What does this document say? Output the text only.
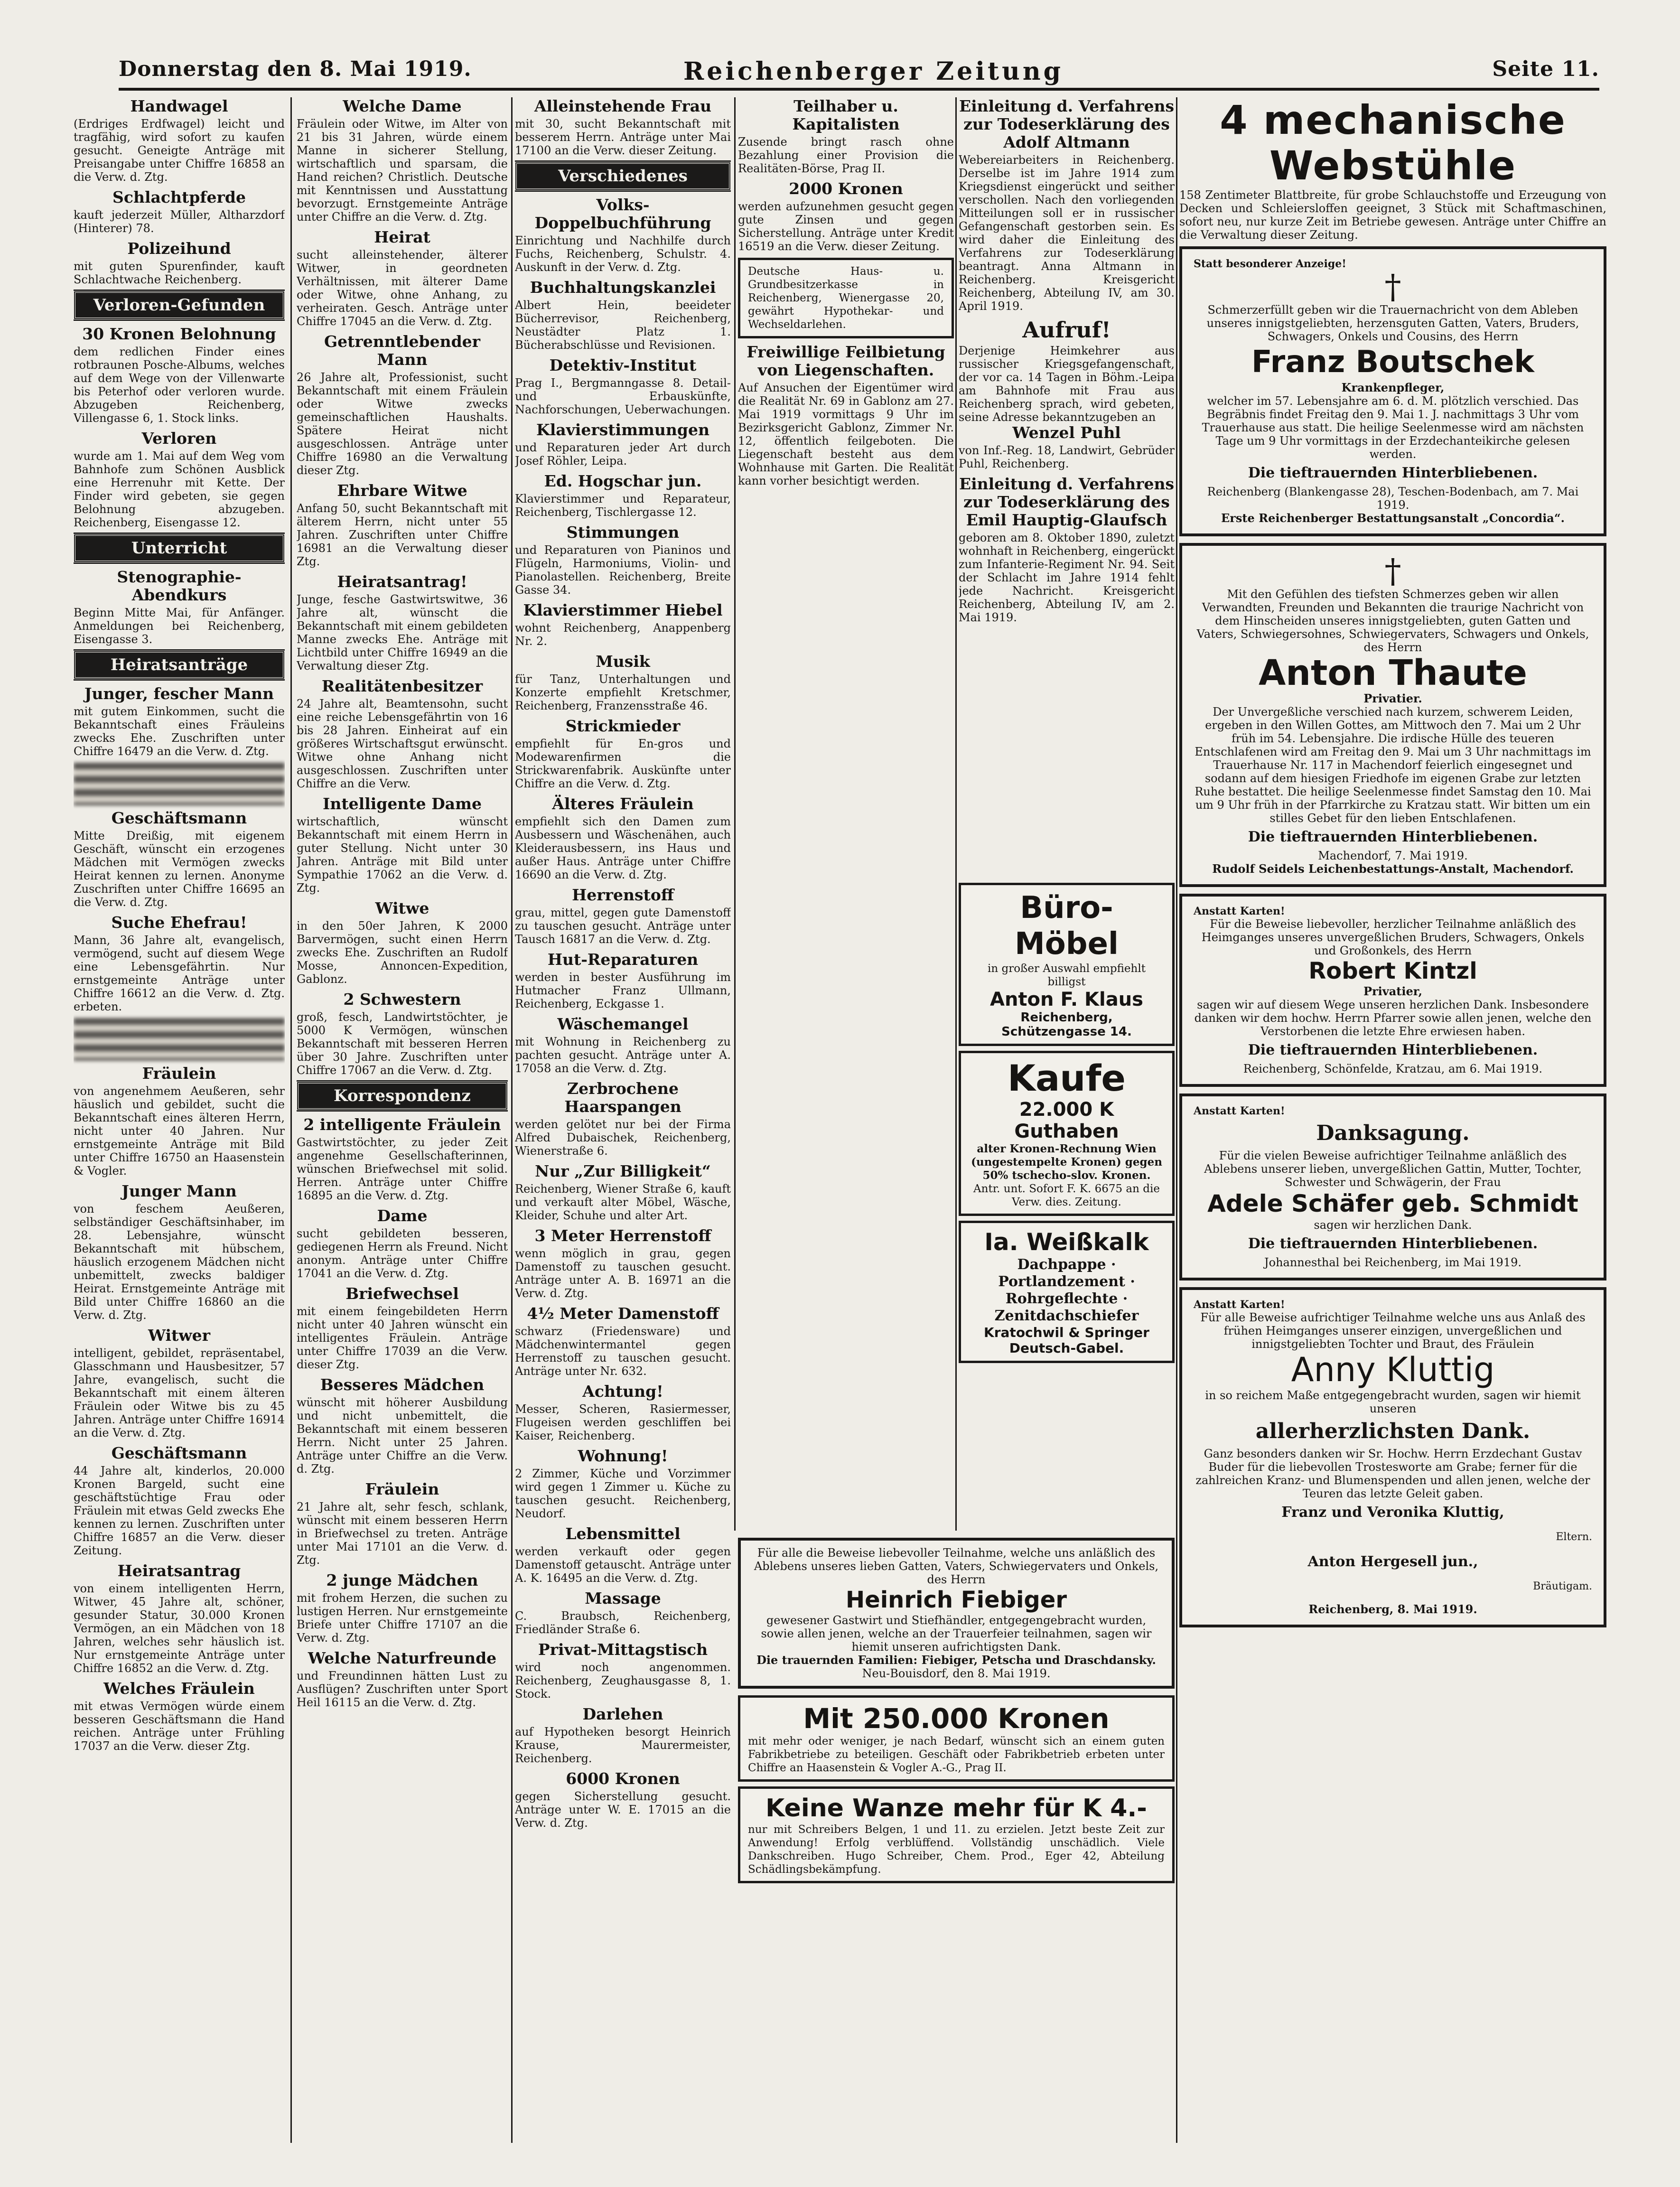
Donnerstag den 8. Mai 1919.	Reichenberger Zeitung	Seite 11.
Handwagel

(Erdriges Erdfwagel) leicht und tragfähig, wird sofort zu kaufen gesucht. Geneigte Anträge mit Preisangabe unter Chiffre 16858 an die Verw. d. Ztg.

Schlachtpferde

kauft jederzeit Müller, Altharzdorf (Hinterer) 78.

Polizeihund

mit guten Spurenfinder, kauft Schlachtwache Reichenberg.

Verloren-Gefunden
30 Kronen Belohnung

dem redlichen Finder eines rotbraunen Posche-Albums, welches auf dem Wege von der Villenwarte bis Peterhof oder verloren wurde. Abzugeben Reichenberg, Villengasse 6, 1. Stock links.

Verloren

wurde am 1. Mai auf dem Weg vom Bahnhofe zum Schönen Ausblick eine Herrenuhr mit Kette. Der Finder wird gebeten, sie gegen Belohnung abzugeben. Reichenberg, Eisengasse 12.

Unterricht
Stenographie-Abendkurs

Beginn Mitte Mai, für Anfänger. Anmeldungen bei Reichenberg, Eisengasse 3.

Heiratsanträge
Junger, fescher Mann

mit gutem Einkommen, sucht die Bekanntschaft eines Fräuleins zwecks Ehe. Zuschriften unter Chiffre 16479 an die Verw. d. Ztg.

Geschäftsmann

Mitte Dreißig, mit eigenem Geschäft, wünscht ein erzogenes Mädchen mit Vermögen zwecks Heirat kennen zu lernen. Anonyme Zuschriften unter Chiffre 16695 an die Verw. d. Ztg.

Suche Ehefrau!

Mann, 36 Jahre alt, evangelisch, vermögend, sucht auf diesem Wege eine Lebensgefährtin. Nur ernstgemeinte Anträge unter Chiffre 16612 an die Verw. d. Ztg. erbeten.

Fräulein

von angenehmem Aeußeren, sehr häuslich und gebildet, sucht die Bekanntschaft eines älteren Herrn, nicht unter 40 Jahren. Nur ernstgemeinte Anträge mit Bild unter Chiffre 16750 an Haasenstein & Vogler.

Junger Mann

von feschem Aeußeren, selbständiger Geschäftsinhaber, im 28. Lebensjahre, wünscht Bekanntschaft mit hübschem, häuslich erzogenem Mädchen nicht unbemittelt, zwecks baldiger Heirat. Ernstgemeinte Anträge mit Bild unter Chiffre 16860 an die Verw. d. Ztg.

Witwer

intelligent, gebildet, repräsentabel, Glasschmann und Hausbesitzer, 57 Jahre, evangelisch, sucht die Bekanntschaft mit einem älteren Fräulein oder Witwe bis zu 45 Jahren. Anträge unter Chiffre 16914 an die Verw. d. Ztg.

Geschäftsmann

44 Jahre alt, kinderlos, 20.000 Kronen Bargeld, sucht eine geschäftstüchtige Frau oder Fräulein mit etwas Geld zwecks Ehe kennen zu lernen. Zuschriften unter Chiffre 16857 an die Verw. dieser Zeitung.

Heiratsantrag

von einem intelligenten Herrn, Witwer, 45 Jahre alt, schöner, gesunder Statur, 30.000 Kronen Vermögen, an ein Mädchen von 18 Jahren, welches sehr häuslich ist. Nur ernstgemeinte Anträge unter Chiffre 16852 an die Verw. d. Ztg.

Welches Fräulein

mit etwas Vermögen würde einem besseren Geschäftsmann die Hand reichen. Anträge unter Frühling 17037 an die Verw. dieser Ztg.

Welche Dame

Fräulein oder Witwe, im Alter von 21 bis 31 Jahren, würde einem Manne in sicherer Stellung, wirtschaftlich und sparsam, die Hand reichen? Christlich. Deutsche mit Kenntnissen und Ausstattung bevorzugt. Ernstgemeinte Anträge unter Chiffre an die Verw. d. Ztg.

Heirat

sucht alleinstehender, älterer Witwer, in geordneten Verhältnissen, mit älterer Dame oder Witwe, ohne Anhang, zu verheiraten. Gesch. Anträge unter Chiffre 17045 an die Verw. d. Ztg.

Getrenntlebender Mann

26 Jahre alt, Professionist, sucht Bekanntschaft mit einem Fräulein oder Witwe zwecks gemeinschaftlichen Haushalts. Spätere Heirat nicht ausgeschlossen. Anträge unter Chiffre 16980 an die Verwaltung dieser Ztg.

Ehrbare Witwe

Anfang 50, sucht Bekanntschaft mit älterem Herrn, nicht unter 55 Jahren. Zuschriften unter Chiffre 16981 an die Verwaltung dieser Ztg.

Heiratsantrag!

Junge, fesche Gastwirtswitwe, 36 Jahre alt, wünscht die Bekanntschaft mit einem gebildeten Manne zwecks Ehe. Anträge mit Lichtbild unter Chiffre 16949 an die Verwaltung dieser Ztg.

Realitätenbesitzer

24 Jahre alt, Beamtensohn, sucht eine reiche Lebensgefährtin von 16 bis 28 Jahren. Einheirat auf ein größeres Wirtschaftsgut erwünscht. Witwe ohne Anhang nicht ausgeschlossen. Zuschriften unter Chiffre an die Verw.

Intelligente Dame

wirtschaftlich, wünscht Bekanntschaft mit einem Herrn in guter Stellung. Nicht unter 30 Jahren. Anträge mit Bild unter Sympathie 17062 an die Verw. d. Ztg.

Witwe

in den 50er Jahren, K 2000 Barvermögen, sucht einen Herrn zwecks Ehe. Zuschriften an Rudolf Mosse, Annoncen-Expedition, Gablonz.

2 Schwestern

groß, fesch, Landwirtstöchter, je 5000 K Vermögen, wünschen Bekanntschaft mit besseren Herren über 30 Jahre. Zuschriften unter Chiffre 17067 an die Verw. d. Ztg.

Korrespondenz
2 intelligente Fräulein

Gastwirtstöchter, zu jeder Zeit angenehme Gesellschafterinnen, wünschen Briefwechsel mit solid. Herren. Anträge unter Chiffre 16895 an die Verw. d. Ztg.

Dame

sucht gebildeten besseren, gediegenen Herrn als Freund. Nicht anonym. Anträge unter Chiffre 17041 an die Verw. d. Ztg.

Briefwechsel

mit einem feingebildeten Herrn nicht unter 40 Jahren wünscht ein intelligentes Fräulein. Anträge unter Chiffre 17039 an die Verw. dieser Ztg.

Besseres Mädchen

wünscht mit höherer Ausbildung und nicht unbemittelt, die Bekanntschaft mit einem besseren Herrn. Nicht unter 25 Jahren. Anträge unter Chiffre an die Verw. d. Ztg.

Fräulein

21 Jahre alt, sehr fesch, schlank, wünscht mit einem besseren Herrn in Briefwechsel zu treten. Anträge unter Mai 17101 an die Verw. d. Ztg.

2 junge Mädchen

mit frohem Herzen, die suchen zu lustigen Herren. Nur ernstgemeinte Briefe unter Chiffre 17107 an die Verw. d. Ztg.

Welche Naturfreunde

und Freundinnen hätten Lust zu Ausflügen? Zuschriften unter Sport Heil 16115 an die Verw. d. Ztg.

Alleinstehende Frau

mit 30, sucht Bekanntschaft mit besserem Herrn. Anträge unter Mai 17100 an die Verw. dieser Zeitung.

Verschiedenes
Volks-Doppelbuchführung

Einrichtung und Nachhilfe durch Fuchs, Reichenberg, Schulstr. 4. Auskunft in der Verw. d. Ztg.

Buchhaltungskanzlei

Albert Hein, beeideter Bücherrevisor, Reichenberg, Neustädter Platz 1. Bücherabschlüsse und Revisionen.

Detektiv-Institut

Prag I., Bergmanngasse 8. Detail- und Erbauskünfte, Nachforschungen, Ueberwachungen.

Klavierstimmungen

und Reparaturen jeder Art durch Josef Röhler, Leipa.

Ed. Hogschar jun.

Klavierstimmer und Reparateur, Reichenberg, Tischlergasse 12.

Stimmungen

und Reparaturen von Pianinos und Flügeln, Harmoniums, Violin- und Pianolastellen. Reichenberg, Breite Gasse 34.

Klavierstimmer Hiebel

wohnt Reichenberg, Anappenberg Nr. 2.

Musik

für Tanz, Unterhaltungen und Konzerte empfiehlt Kretschmer, Reichenberg, Franzensstraße 46.

Strickmieder

empfiehlt für En-gros und Modewarenfirmen die Strickwarenfabrik. Auskünfte unter Chiffre an die Verw. d. Ztg.

Älteres Fräulein

empfiehlt sich den Damen zum Ausbessern und Wäschenähen, auch Kleiderausbessern, ins Haus und außer Haus. Anträge unter Chiffre 16690 an die Verw. d. Ztg.

Herrenstoff

grau, mittel, gegen gute Damenstoff zu tauschen gesucht. Anträge unter Tausch 16817 an die Verw. d. Ztg.

Hut-Reparaturen

werden in bester Ausführung im Hutmacher Franz Ullmann, Reichenberg, Eckgasse 1.

Wäschemangel

mit Wohnung in Reichenberg zu pachten gesucht. Anträge unter A. 17058 an die Verw. d. Ztg.

Zerbrochene Haarspangen

werden gelötet nur bei der Firma Alfred Dubaischek, Reichenberg, Wienerstraße 6.

Nur „Zur Billigkeit“

Reichenberg, Wiener Straße 6, kauft und verkauft alter Möbel, Wäsche, Kleider, Schuhe und alter Art.

3 Meter Herrenstoff

wenn möglich in grau, gegen Damenstoff zu tauschen gesucht. Anträge unter A. B. 16971 an die Verw. d. Ztg.

4½ Meter Damenstoff

schwarz (Friedensware) und Mädchenwintermantel gegen Herrenstoff zu tauschen gesucht. Anträge unter Nr. 632.

Achtung!

Messer, Scheren, Rasiermesser, Flugeisen werden geschliffen bei Kaiser, Reichenberg.

Wohnung!

2 Zimmer, Küche und Vorzimmer wird gegen 1 Zimmer u. Küche zu tauschen gesucht. Reichenberg, Neudorf.

Lebensmittel

werden verkauft oder gegen Damenstoff getauscht. Anträge unter A. K. 16495 an die Verw. d. Ztg.

Massage

C. Braubsch, Reichenberg, Friedländer Straße 6.

Privat-Mittagstisch

wird noch angenommen. Reichenberg, Zeughausgasse 8, 1. Stock.

Darlehen

auf Hypotheken besorgt Heinrich Krause, Maurermeister, Reichenberg.

6000 Kronen

gegen Sicherstellung gesucht. Anträge unter W. E. 17015 an die Verw. d. Ztg.

Teilhaber u. Kapitalisten

Zusende bringt rasch ohne Bezahlung einer Provision die Realitäten-Börse, Prag II.

2000 Kronen

werden aufzunehmen gesucht gegen gute Zinsen und gegen Sicherstellung. Anträge unter Kredit 16519 an die Verw. dieser Zeitung.

Deutsche Haus- u. Grundbesitzerkasse in Reichenberg, Wienergasse 20, gewährt Hypothekar- und Wechseldarlehen.

Freiwillige Feilbietung von Liegenschaften.

Auf Ansuchen der Eigentümer wird die Realität Nr. 69 in Gablonz am 27. Mai 1919 vormittags 9 Uhr im Bezirksgericht Gablonz, Zimmer Nr. 12, öffentlich feilgeboten. Die Liegenschaft besteht aus dem Wohnhause mit Garten. Die Realität kann vorher besichtigt werden.

Einleitung d. Verfahrens zur Todeserklärung des Adolf Altmann

Webereiarbeiters in Reichenberg. Derselbe ist im Jahre 1914 zum Kriegsdienst eingerückt und seither verschollen. Nach den vorliegenden Mitteilungen soll er in russischer Gefangenschaft gestorben sein. Es wird daher die Einleitung des Verfahrens zur Todeserklärung beantragt. Anna Altmann in Reichenberg. Kreisgericht Reichenberg, Abteilung IV, am 30. April 1919.

Aufruf!

Derjenige Heimkehrer aus russischer Kriegsgefangenschaft, der vor ca. 14 Tagen in Böhm.-Leipa am Bahnhofe mit Frau aus Reichenberg sprach, wird gebeten, seine Adresse bekanntzugeben an

Wenzel Puhl

von Inf.-Reg. 18, Landwirt, Gebrüder Puhl, Reichenberg.

Einleitung d. Verfahrens zur Todeserklärung des Emil Hauptig-Glaufsch

geboren am 8. Oktober 1890, zuletzt wohnhaft in Reichenberg, eingerückt zum Infanterie-Regiment Nr. 94. Seit der Schlacht im Jahre 1914 fehlt jede Nachricht. Kreisgericht Reichenberg, Abteilung IV, am 2. Mai 1919.

Büro-Möbel

in großer Auswahl empfiehlt billigst

Anton F. Klaus
Reichenberg, Schützengasse 14.
Kaufe
22.000 K Guthaben

alter Kronen-Rechnung Wien (ungestempelte Kronen) gegen 50% tschecho-slov. Kronen.

Antr. unt. Sofort F. K. 6675 an die Verw. dies. Zeitung.

Ia. Weißkalk

Dachpappe · Portlandzement · Rohrgeflechte · Zenitdachschiefer

Kratochwil & Springer Deutsch-Gabel.

Für alle die Beweise liebevoller Teilnahme, welche uns anläßlich des Ablebens unseres lieben Gatten, Vaters, Schwiegervaters und Onkels, des Herrn

Heinrich Fiebiger

gewesener Gastwirt und Stiefhändler, entgegengebracht wurden, sowie allen jenen, welche an der Trauerfeier teilnahmen, sagen wir hiemit unseren aufrichtigsten Dank.

Die trauernden Familien: Fiebiger, Petscha und Draschdansky.

Neu-Bouisdorf, den 8. Mai 1919.

Mit 250.000 Kronen

mit mehr oder weniger, je nach Bedarf, wünscht sich an einem guten Fabrikbetriebe zu beteiligen. Geschäft oder Fabrikbetrieb erbeten unter Chiffre an Haasenstein & Vogler A.-G., Prag II.

Keine Wanze mehr für K 4.-

nur mit Schreibers Belgen, 1 und 11. zu erzielen. Jetzt beste Zeit zur Anwendung! Erfolg verblüffend. Vollständig unschädlich. Viele Dankschreiben. Hugo Schreiber, Chem. Prod., Eger 42, Abteilung Schädlingsbekämpfung.

4 mechanische Webstühle

158 Zentimeter Blattbreite, für grobe Schlauchstoffe und Erzeugung von Decken und Schleiersloffen geeignet, 3 Stück mit Schaftmaschinen, sofort neu, nur kurze Zeit im Betriebe gewesen. Anträge unter Chiffre an die Verwaltung dieser Zeitung.

Statt besonderer Anzeige!
†

Schmerzerfüllt geben wir die Trauernachricht von dem Ableben unseres innigstgeliebten, herzensguten Gatten, Vaters, Bruders, Schwagers, Onkels und Cousins, des Herrn

Franz Boutschek

Krankenpfleger,

welcher im 57. Lebensjahre am 6. d. M. plötzlich verschied. Das Begräbnis findet Freitag den 9. Mai 1. J. nachmittags 3 Uhr vom Trauerhause aus statt. Die heilige Seelenmesse wird am nächsten Tage um 9 Uhr vormittags in der Erzdechanteikirche gelesen werden.

Die tieftrauernden Hinterbliebenen.

Reichenberg (Blankengasse 28), Teschen-Bodenbach, am 7. Mai 1919.

Erste Reichenberger Bestattungsanstalt „Concordia“.

†

Mit den Gefühlen des tiefsten Schmerzes geben wir allen Verwandten, Freunden und Bekannten die traurige Nachricht von dem Hinscheiden unseres innigstgeliebten, guten Gatten und Vaters, Schwiegersohnes, Schwiegervaters, Schwagers und Onkels, des Herrn

Anton Thaute

Privatier.

Der Unvergeßliche verschied nach kurzem, schwerem Leiden, ergeben in den Willen Gottes, am Mittwoch den 7. Mai um 2 Uhr früh im 54. Lebensjahre. Die irdische Hülle des teueren Entschlafenen wird am Freitag den 9. Mai um 3 Uhr nachmittags im Trauerhause Nr. 117 in Machendorf feierlich eingesegnet und sodann auf dem hiesigen Friedhofe im eigenen Grabe zur letzten Ruhe bestattet. Die heilige Seelenmesse findet Samstag den 10. Mai um 9 Uhr früh in der Pfarrkirche zu Kratzau statt. Wir bitten um ein stilles Gebet für den lieben Entschlafenen.

Die tieftrauernden Hinterbliebenen.

Machendorf, 7. Mai 1919.

Rudolf Seidels Leichenbestattungs-Anstalt, Machendorf.

Anstatt Karten!

Für die Beweise liebevoller, herzlicher Teilnahme anläßlich des Heimganges unseres unvergeßlichen Bruders, Schwagers, Onkels und Großonkels, des Herrn

Robert Kintzl

Privatier,

sagen wir auf diesem Wege unseren herzlichen Dank. Insbesondere danken wir dem hochw. Herrn Pfarrer sowie allen jenen, welche den Verstorbenen die letzte Ehre erwiesen haben.

Die tieftrauernden Hinterbliebenen.

Reichenberg, Schönfelde, Kratzau, am 6. Mai 1919.

Anstatt Karten!
Danksagung.

Für die vielen Beweise aufrichtiger Teilnahme anläßlich des Ablebens unserer lieben, unvergeßlichen Gattin, Mutter, Tochter, Schwester und Schwägerin, der Frau

Adele Schäfer geb. Schmidt

sagen wir herzlichen Dank.

Die tieftrauernden Hinterbliebenen.

Johannesthal bei Reichenberg, im Mai 1919.

Anstatt Karten!

Für alle Beweise aufrichtiger Teilnahme welche uns aus Anlaß des frühen Heimganges unserer einzigen, unvergeßlichen und innigstgeliebten Tochter und Braut, des Fräulein

Anny Kluttig

in so reichem Maße entgegengebracht wurden, sagen wir hiemit unseren

allerherzlichsten Dank.

Ganz besonders danken wir Sr. Hochw. Herrn Erzdechant Gustav Buder für die liebevollen Trostesworte am Grabe; ferner für die zahlreichen Kranz- und Blumenspenden und allen jenen, welche der Teuren das letzte Geleit gaben.

Franz und Veronika Kluttig,

Eltern.

Anton Hergesell jun.,

Bräutigam.

Reichenberg, 8. Mai 1919.
